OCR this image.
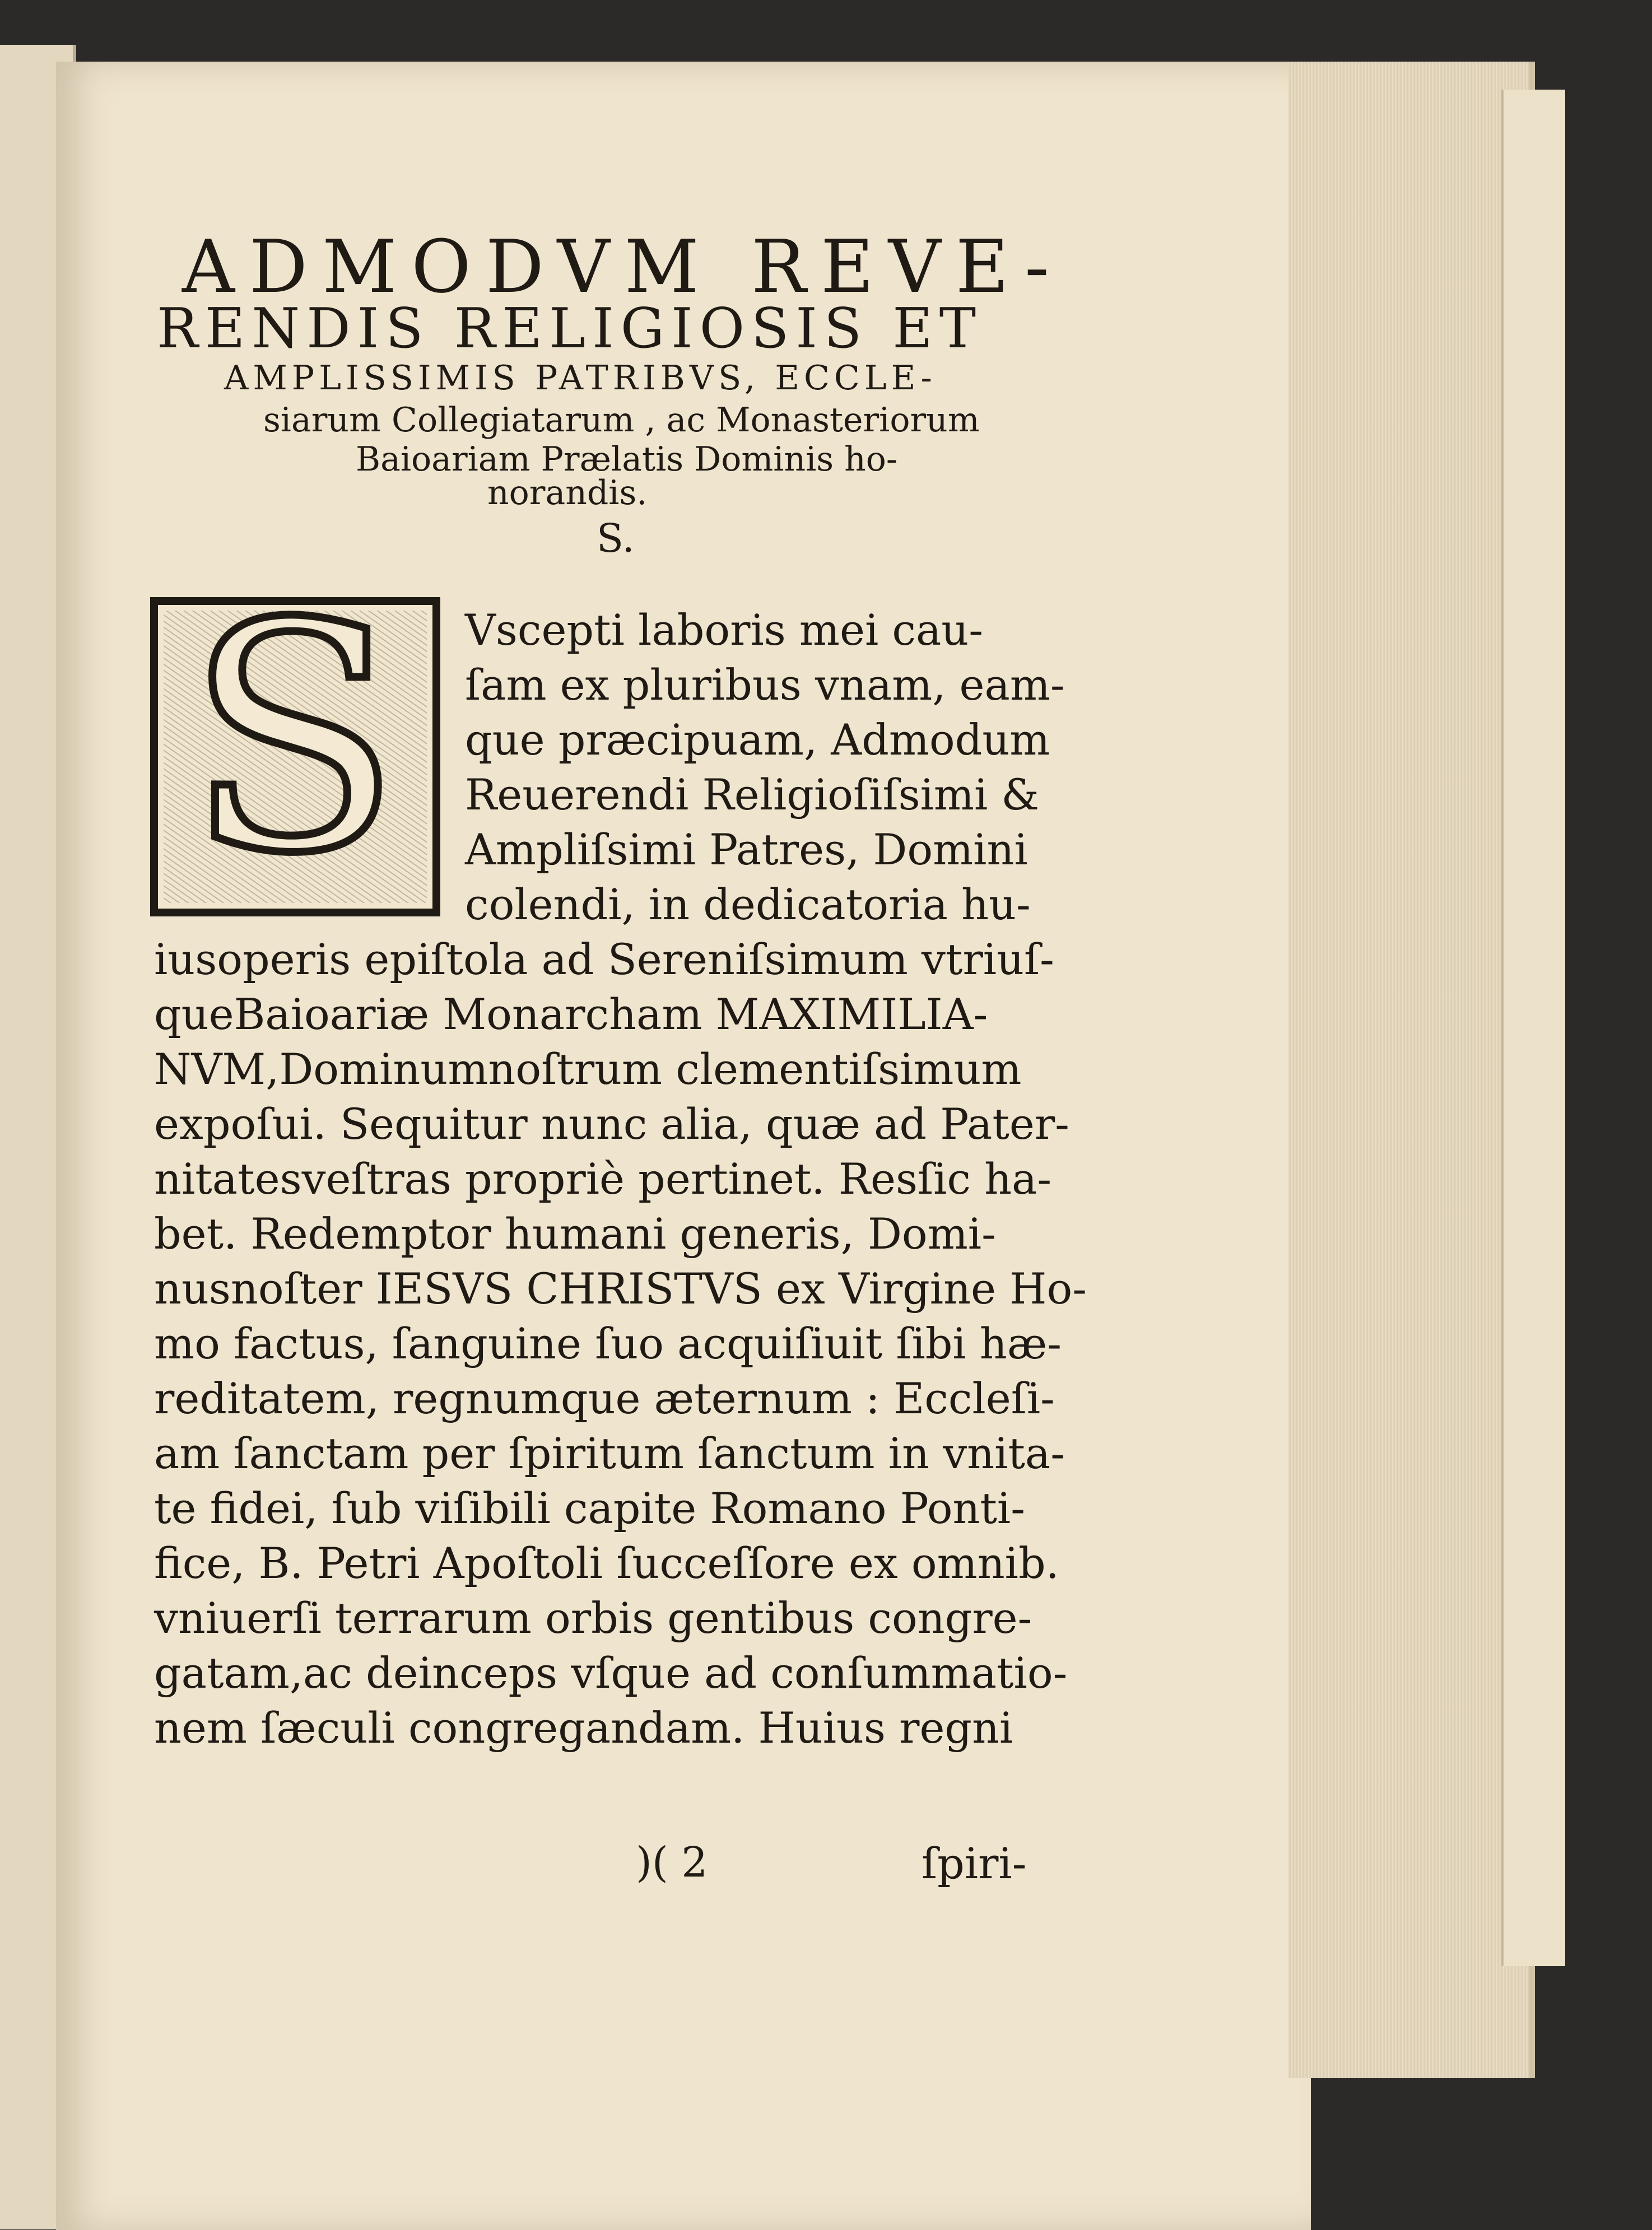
ADMODVM REVE-
RENDIS RELIGIOSIS ET
AMPLISSIMIS PATRIBVS, ECCLE-
siarum Collegiatarum , ac Monasteriorum
Baioariam Prælatis Dominis ho-
norandis.
S.
S Vscepti laboris mei cau-
ſam ex pluribus vnam, eam-
que præcipuam, Admodum
Reuerendi Religioſiſsimi &
Ampliſsimi Patres, Domini
colendi, in dedicatoria hu-
iusoperis epiſtola ad Sereniſsimum vtriuſ-
queBaioariæ Monarcham MAXIMILIA-
NVM,Dominumnoſtrum clementiſsimum
expoſui. Sequitur nunc alia, quæ ad Pater-
nitatesveſtras propriè pertinet. Resſic ha-
bet. Redemptor humani generis, Domi-
nusnoſter IESVS CHRISTVS ex Virgine Ho-
mo factus, ſanguine ſuo acquiſiuit ſibi hæ-
reditatem, regnumque æternum : Eccleſi-
am ſanctam per ſpiritum ſanctum in vnita-
te fidei, ſub viſibili capite Romano Ponti-
fice, B. Petri Apoſtoli ſucceſſore ex omnib.
vniuerſi terrarum orbis gentibus congre-
gatam,ac deinceps vſque ad conſummatio-
nem ſæculi congregandam. Huius regni
)( 2	ſpiri-
